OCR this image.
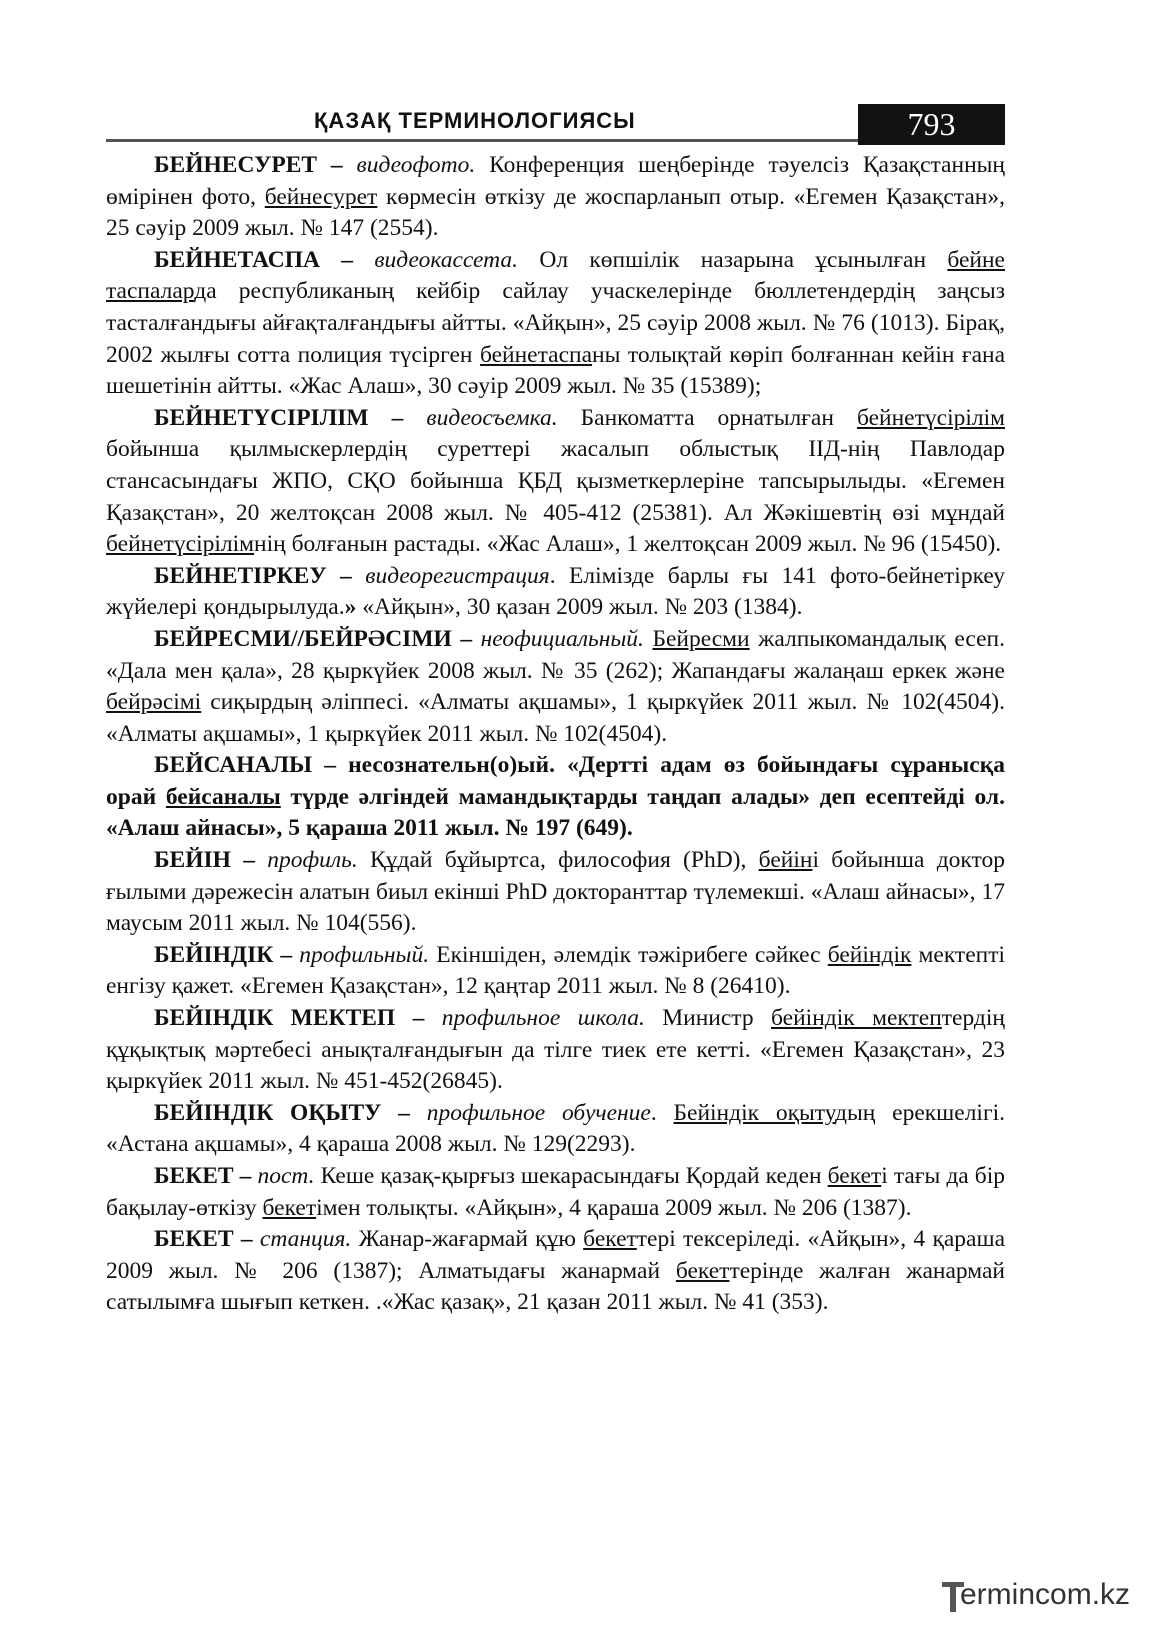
ҚАЗАҚ ТЕРМИНОЛОГИЯСЫ	793

БЕЙНЕСУРЕТ – видеофото. Конференция шеңберінде тәуелсіз Қазақстанның өмірінен фото, бейнесурет көрмесін өткізу де жоспарланып отыр. «Егемен Қазақстан», 25 сәуір 2009 жыл. № 147 (2554).

БЕЙНЕТАСПА – видеокассета. Ол көпшілік назарына ұсынылған бейне таспаларда республиканың кейбір сайлау учаскелерінде бюллетендердің заңсыз тасталғандығы айғақталғандығы айтты. «Айқын», 25 сәуір 2008 жыл. № 76 (1013). Бірақ, 2002 жылғы сотта полиция түсірген бейнетаспаны толықтай көріп болғаннан кейін ғана шешетінін айтты. «Жас Алаш», 30 сәуір 2009 жыл. № 35 (15389);

БЕЙНЕТҮСІРІЛІМ – видеосъемка. Банкоматта орнатылған бейнетүсірілім бойынша қылмыскерлердің суреттері жасалып облыстық ІІД-нің Павлодар стансасындағы ЖПО, СҚО бойынша ҚБД қызметкерлеріне тапсырылыды. «Егемен Қазақстан», 20 желтоқсан 2008 жыл. № 405-412 (25381). Ал Жәкішевтің өзі мұндай бейнетүсірілімнің болғанын растады. «Жас Алаш», 1 желтоқсан 2009 жыл. № 96 (15450).

БЕЙНЕТІРКЕУ – видеорегистрация. Елімізде барлы ғы 141 фото-бейнетіркеу жүйелері қондырылуда.» «Айқын», 30 қазан 2009 жыл. № 203 (1384).

БЕЙРЕСМИ//БЕЙРӘСІМИ – неофициальный. Бейресми жалпыкомандалық есеп. «Дала мен қала», 28 қыркүйек 2008 жыл. № 35 (262); Жапандағы жалаңаш еркек және бейрәсімі сиқырдың әліппесі. «Алматы ақшамы», 1 қыркүйек 2011 жыл. № 102(4504). «Алматы ақшамы», 1 қыркүйек 2011 жыл. № 102(4504).

БЕЙСАНАЛЫ – несознательн(о)ый. «Дертті адам өз бойындағы сұранысқа орай бейсаналы түрде әлгіндей мамандықтарды таңдап алады» деп есептейді ол. «Алаш айнасы», 5 қараша 2011 жыл. № 197 (649).

БЕЙІН – профиль. Құдай бұйыртса, философия (PhD), бейіні бойынша доктор ғылыми дәрежесін алатын биыл екінші PhD докторанттар түлемекші. «Алаш айнасы», 17 маусым 2011 жыл. № 104(556).

БЕЙІНДІК – профильный. Екіншіден, әлемдік тәжірибеге сәйкес бейіндік мектепті енгізу қажет. «Егемен Қазақстан», 12 қаңтар 2011 жыл. № 8 (26410).

БЕЙІНДІК МЕКТЕП – профильное школа. Министр бейіндік мектептердің құқықтық мәртебесі анықталғандығын да тілге тиек ете кетті. «Егемен Қазақстан», 23 қыркүйек 2011 жыл. № 451-452(26845).

БЕЙІНДІК ОҚЫТУ – профильное обучение. Бейіндік оқытудың ерекшелігі. «Астана ақшамы», 4 қараша 2008 жыл. № 129(2293).

БЕКЕТ – пост. Кеше қазақ-қырғыз шекарасындағы Қордай кеден бекеті тағы да бір бақылау-өткізу бекетімен толықты. «Айқын», 4 қараша 2009 жыл. № 206 (1387).

БЕКЕТ – станция. Жанар-жағармай құю бекеттері тексеріледі. «Айқын», 4 қараша 2009 жыл. № 206 (1387); Алматыдағы жанармай бекеттерінде жалған жанармай сатылымға шығып кеткен. .«Жас қазақ», 21 қазан 2011 жыл. № 41 (353).

ermincom.kz
